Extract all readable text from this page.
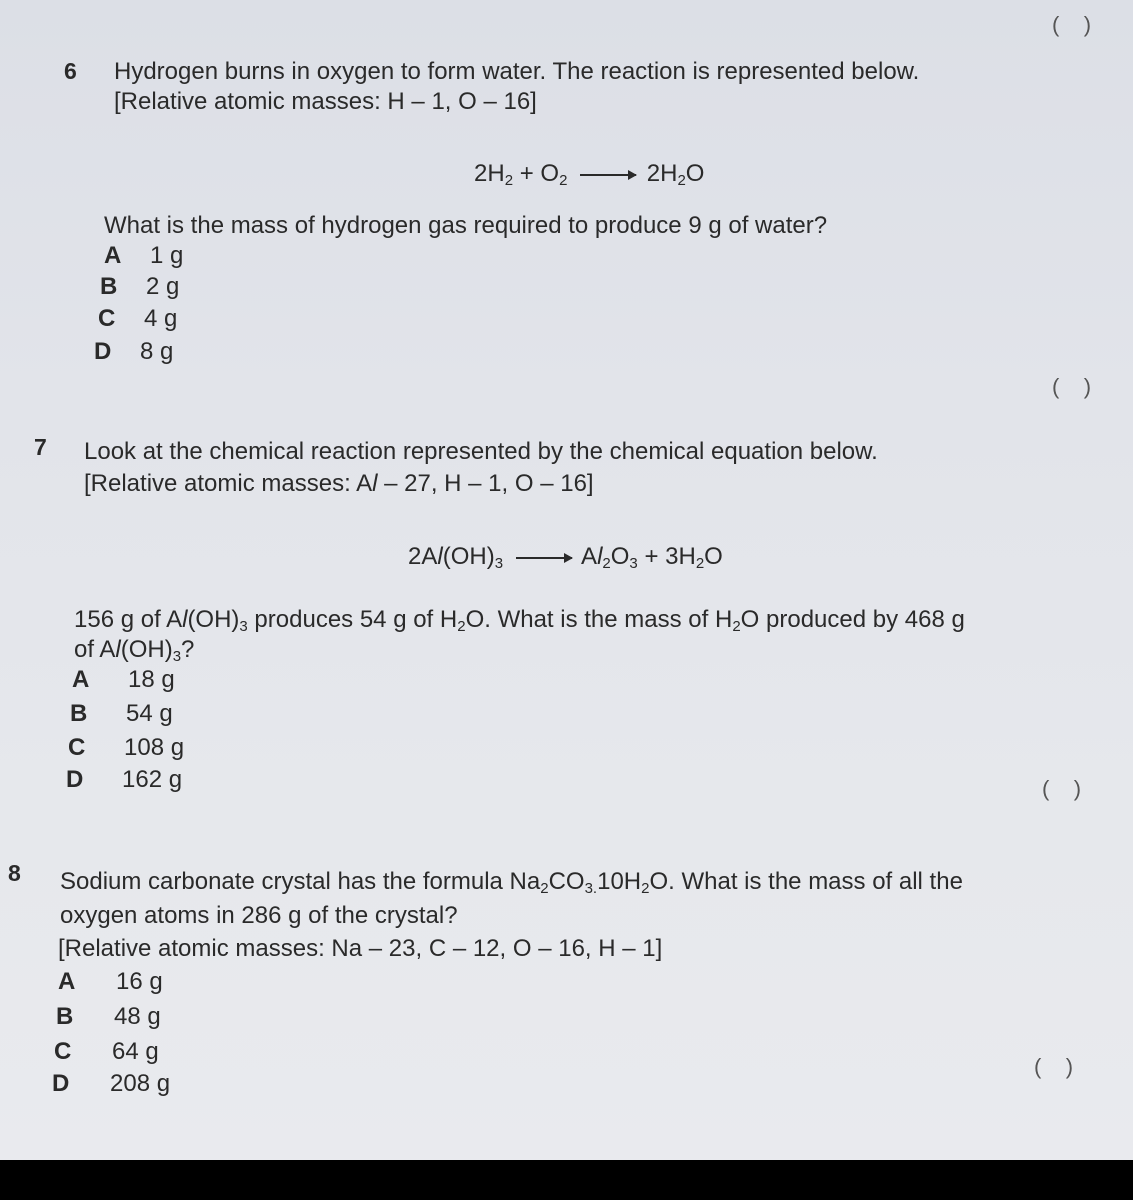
(    )
6 Hydrogen burns in oxygen to form water. The reaction is represented below.
[Relative atomic masses: H – 1, O – 16]
$2H_2 + O_2 \to 2H_2O$
What is the mass of hydrogen gas required to produce 9 g of water?
A 1 g
B 2 g
C 4 g
D 8 g
(    )
7 Look at the chemical reaction represented by the chemical equation below.
[Relative atomic masses: Al – 27, H – 1, O – 16]
$2Al(OH)_3 \to Al_2O_3 + 3H_2O$
156 g of $Al(OH)_3$ produces 54 g of $H_2O$. What is the mass of $H_2O$ produced by 468 g
of $Al(OH)_3$?
A 18 g
B 54 g
C 108 g
D 162 g	(    )
8 Sodium carbonate crystal has the formula $Na_2CO_{3.}10H_2O$. What is the mass of all the
oxygen atoms in 286 g of the crystal?
[Relative atomic masses: Na – 23, C – 12, O – 16, H – 1]
A 16 g
B 48 g
C 64 g
D 208 g
(    )
